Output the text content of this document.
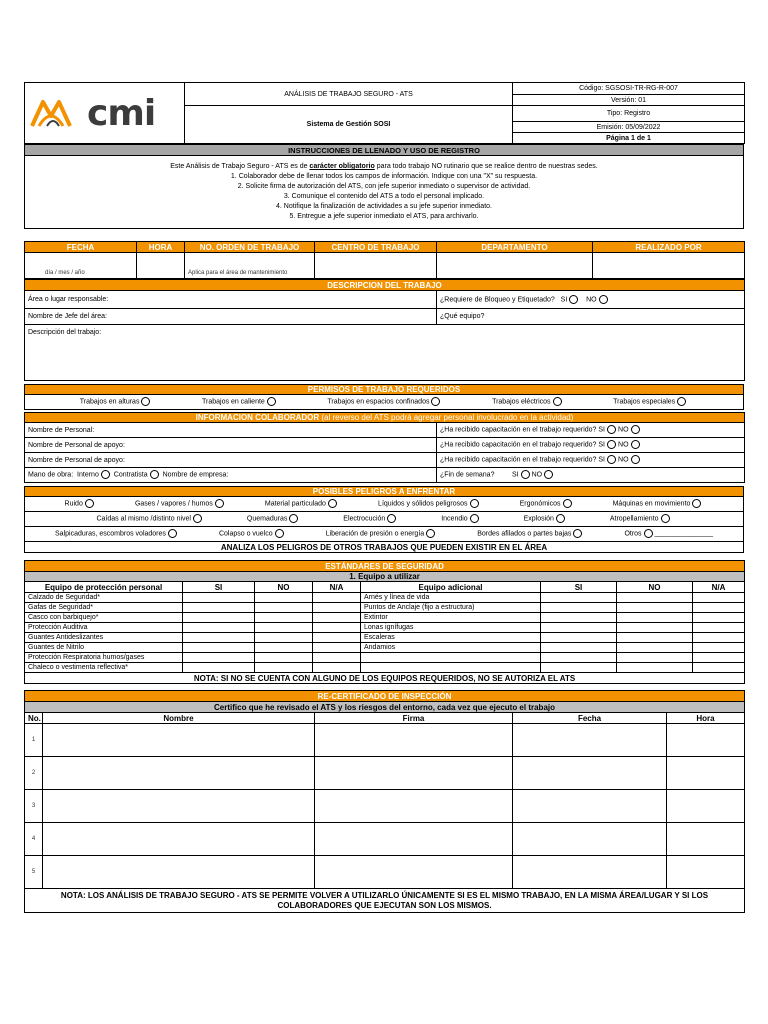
cmi	ANÁLISIS DE TRABAJO SEGURO - ATS	Código: SGSOSI-TR-RG-R-007
		Versión: 01
	Sistema de Gestión SOSI	Tipo: Registro
		Emisión: 05/09/2022
		Página 1 de 1
INSTRUCCIONES DE LLENADO Y USO DE REGISTRO

Este Análisis de Trabajo Seguro - ATS es de carácter obligatorio para todo trabajo NO rutinario que se realice dentro de nuestras sedes.
1. Colaborador debe de llenar todos los campos de información. Indique con una "X" su respuesta.
2. Solicite firma de autorización del ATS, con jefe superior inmediato o supervisor de actividad.
3. Comunique el contenido del ATS a todo el personal implicado.
4. Notifique la finalización de actividades a su jefe superior inmediato.
5. Entregue a jefe superior inmediato el ATS, para archivarlo.
FECHA	HORA	NO. ORDEN DE TRABAJO	CENTRO DE TRABAJO	DEPARTAMENTO	REALIZADO POR
día / mes / año		Aplica para el área de mantenimiento			
DESCRIPCION DEL TRABAJO	
Área o lugar responsable:	¿Requiere de Bloqueo y Etiquetado? SI NO
Nombre de Jefe del área:	¿Qué equipo?
Descripción del trabajo:	
PERMISOS DE TRABAJO REQUERIDOS

Trabajos en alturas	Trabajos en caliente	Trabajos en espacios confinados	Trabajos eléctricos	Trabajos especiales
INFORMACION COLABORADOR (al reverso del ATS podrá agregar personal involucrado en la actividad)	
Nombre de Personal:	¿Ha recibido capacitación en el trabajo requerido? SI NO
Nombre de Personal de apoyo:	¿Ha recibido capacitación en el trabajo requerido? SI NO
Nombre de Personal de apoyo:	¿Ha recibido capacitación en el trabajo requerido? SI NO
Mano de obra: Interno Contratista Nombre de empresa:	¿Fin de semana? SI NO
POSIBLES PELIGROS A ENFRENTAR

Ruido	Gases / vapores / humos	Material particulado	Líquidos y sólidos peligrosos	Ergonómicos	Máquinas en movimiento

Caídas al mismo /distinto nivel	Quemaduras	Electrocución	Incendio	Explosión	Atropellamiento

Salpicaduras, escombros voladores	Colapso o vuelco	Liberación de presión o energía	Bordes afilados o partes bajas	Otros _______________

ANALIZA LOS PELIGROS DE OTROS TRABAJOS QUE PUEDEN EXISTIR EN EL ÁREA
ESTÁNDARES DE SEGURIDAD							
1. Equipo a utilizar							
Equipo de protección personal	SI	NO	N/A	Equipo adicional	SI	NO	N/A
Calzado de Seguridad*				Arnés y línea de vida			
Gafas de Seguridad*				Puntos de Anclaje (fijo a estructura)			
Casco con barbiquejo*				Extintor			
Protección Auditiva				Lonas ignífugas			
Guantes Antideslizantes				Escaleras			
Guantes de Nitrilo				Andamios			
Protección Respiratoria humos/gases							
Chaleco o vestimenta reflectiva*							
NOTA: SI NO SE CUENTA CON ALGUNO DE LOS EQUIPOS REQUERIDOS, NO SE AUTORIZA EL ATS							
RE-CERTIFICADO DE INSPECCIÓN				
Certifico que he revisado el ATS y los riesgos del entorno, cada vez que ejecuto el trabajo				
No.	Nombre	Firma	Fecha	Hora
1				
2				
3				
4				
5				
NOTA: LOS ANÁLISIS DE TRABAJO SEGURO - ATS SE PERMITE VOLVER A UTILIZARLO ÚNICAMENTE SI ES EL MISMO TRABAJO, EN LA MISMA ÁREA/LUGAR Y SI LOS COLABORADORES QUE EJECUTAN SON LOS MISMOS.				
